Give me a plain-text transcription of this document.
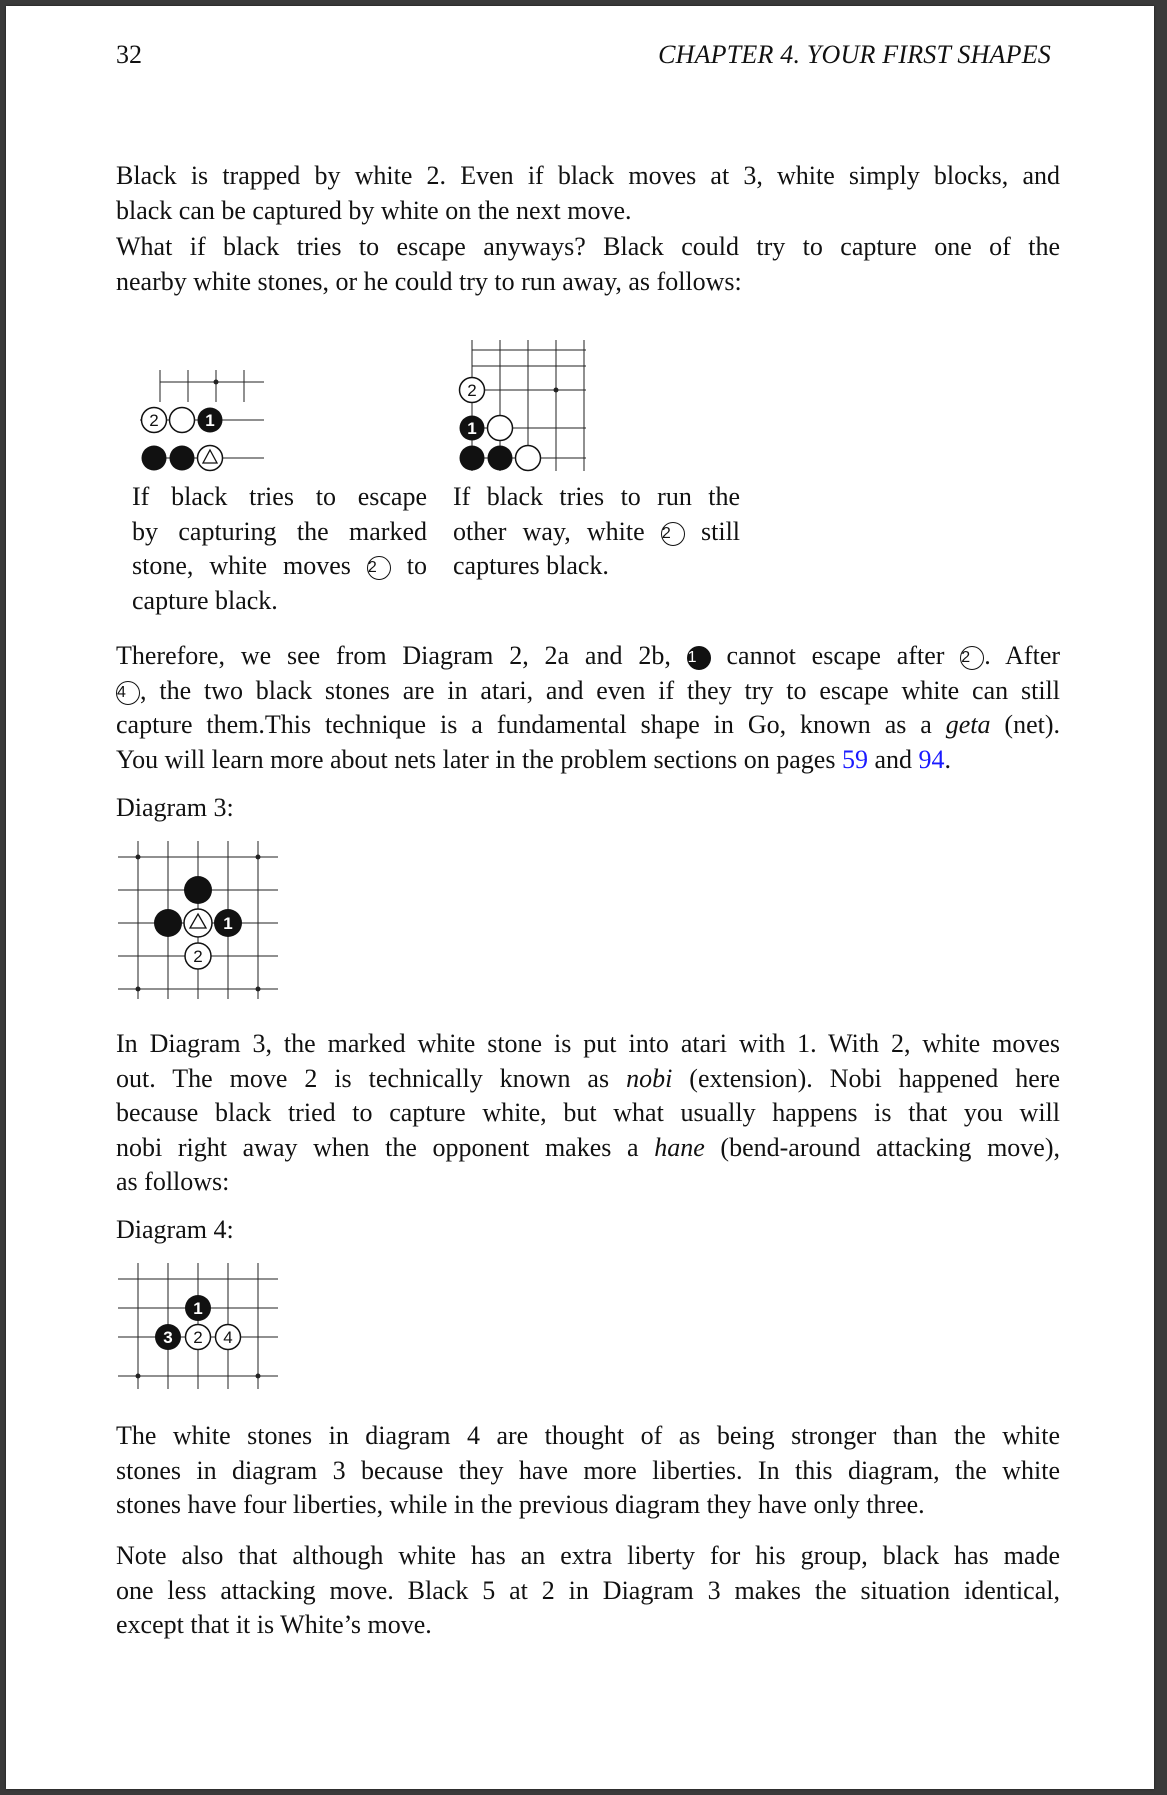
32	CHAPTER 4. YOUR FIRST SHAPES

Black is trapped by white 2. Even if black moves at 3, white simply blocks, and
black can be captured by white on the next move.

What if black tries to escape anyways? Black could try to capture one of the
nearby white stones, or he could try to run away, as follows:

2	1
2
1
If black tries to escape
by capturing the marked
stone, white moves 2 to
capture black.
If black tries to run the
other way, white 2 still
captures black.

Therefore, we see from Diagram 2, 2a and 2b, 1 cannot escape after 2 . After
4 , the two black stones are in atari, and even if they try to escape white can still
capture them.This technique is a fundamental shape in Go, known as a geta (net).
You will learn more about nets later in the problem sections on pages 59 and 94.

Diagram 3:
1
2

In Diagram 3, the marked white stone is put into atari with 1. With 2, white moves
out. The move 2 is technically known as nobi (extension). Nobi happened here
because black tried to capture white, but what usually happens is that you will
nobi right away when the opponent makes a hane (bend-around attacking move),
as follows:

Diagram 4:
1
3 2 4

The white stones in diagram 4 are thought of as being stronger than the white
stones in diagram 3 because they have more liberties. In this diagram, the white
stones have four liberties, while in the previous diagram they have only three.

Note also that although white has an extra liberty for his group, black has made
one less attacking move. Black 5 at 2 in Diagram 3 makes the situation identical,
except that it is White’s move.
